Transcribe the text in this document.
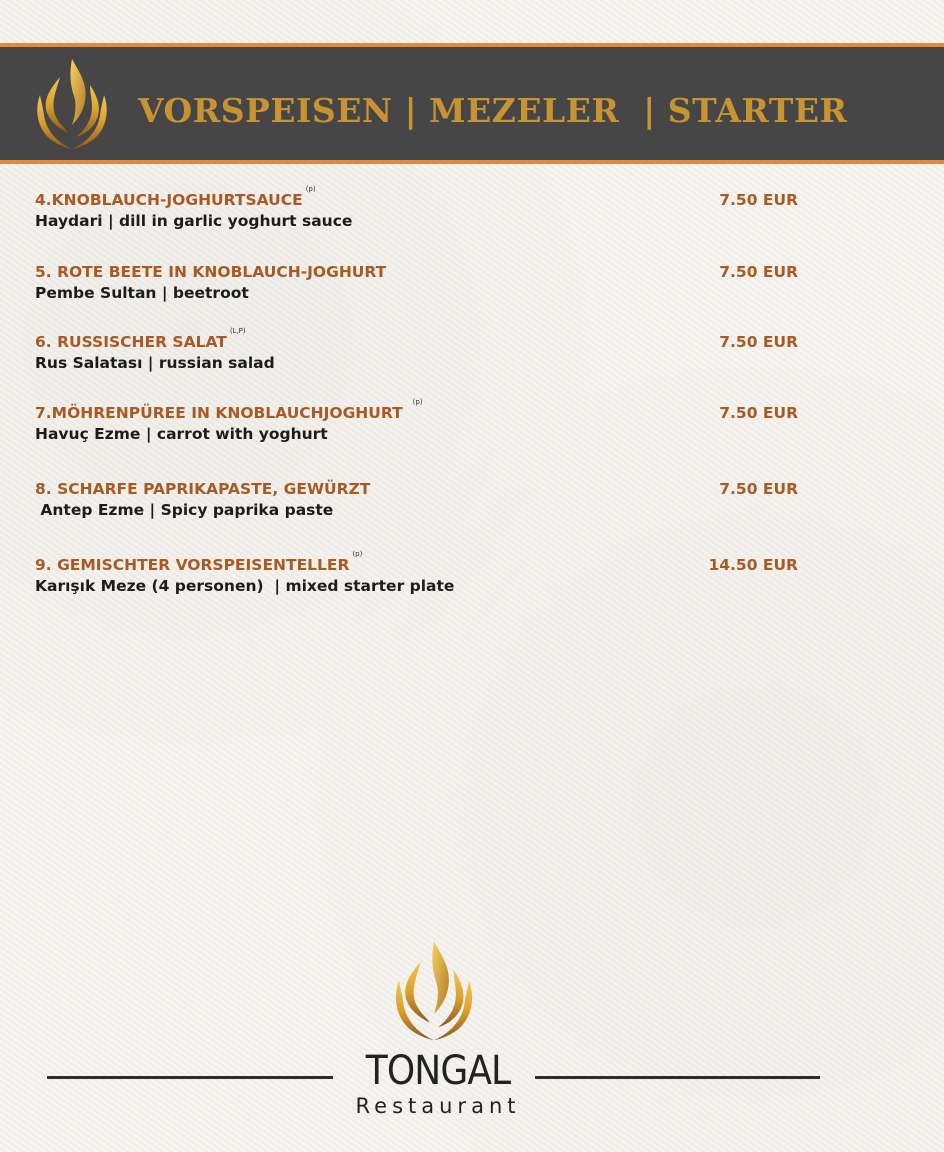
VORSPEISEN | MEZELER  | STARTER
4.KNOBLAUCH-JOGHURTSAUCE$^{(p)}$
Haydari | dill in garlic yoghurt sauce
7.50 EUR
5. ROTE BEETE IN KNOBLAUCH-JOGHURT
Pembe Sultan | beetroot
7.50 EUR
6. RUSSISCHER SALAT$^{(L,P)}$
Rus Salatası | russian salad
7.50 EUR
7.MÖHRENPÜREE IN KNOBLAUCHJOGHURT$^{(p)}$
Havuç Ezme | carrot with yoghurt
7.50 EUR
8. SCHARFE PAPRIKAPASTE, GEWÜRZT
Antep Ezme | Spicy paprika paste
7.50 EUR
9. GEMISCHTER VORSPEISENTELLER$^{(p)}$
Karışık Meze (4 personen)  | mixed starter plate
14.50 EUR
TONGAL
Restaurant
